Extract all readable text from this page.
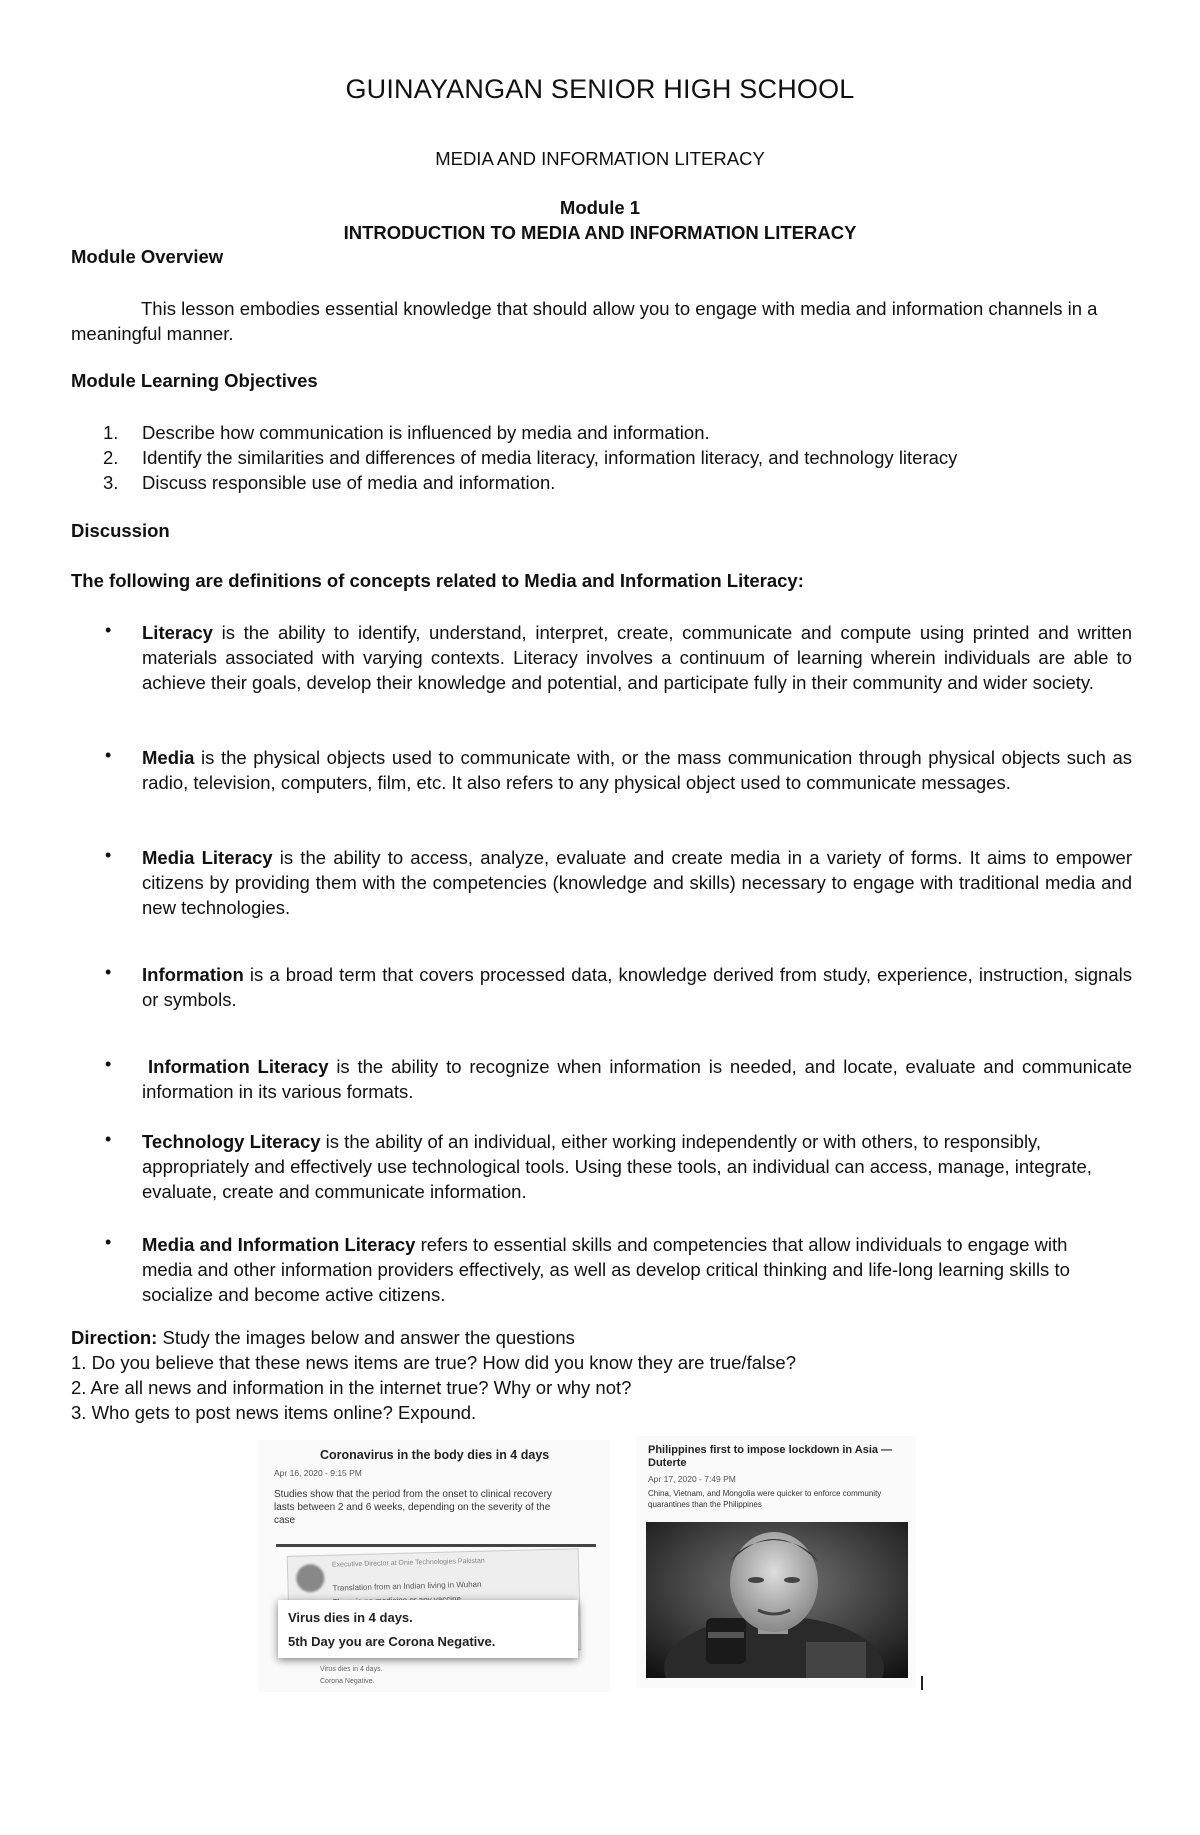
GUINAYANGAN SENIOR HIGH SCHOOL
MEDIA AND INFORMATION LITERACY
Module 1
INTRODUCTION TO MEDIA AND INFORMATION LITERACY
Module Overview
This lesson embodies essential knowledge that should allow you to engage with media and information channels in a meaningful manner.
Module Learning Objectives
1.	Describe how communication is influenced by media and information.
2.	Identify the similarities and differences of media literacy, information literacy, and technology literacy
3.	Discuss responsible use of media and information.
Discussion
The following are definitions of concepts related to Media and Information Literacy:
•	Literacy is the ability to identify, understand, interpret, create, communicate and compute using printed and written materials associated with varying contexts. Literacy involves a continuum of learning wherein individuals are able to achieve their goals, develop their knowledge and potential, and participate fully in their community and wider society.
•	Media is the physical objects used to communicate with, or the mass communication through physical objects such as radio, television, computers, film, etc. It also refers to any physical object used to communicate messages.
•	Media Literacy is the ability to access, analyze, evaluate and create media in a variety of forms. It aims to empower citizens by providing them with the competencies (knowledge and skills) necessary to engage with traditional media and new technologies.
•	Information is a broad term that covers processed data, knowledge derived from study, experience, instruction, signals or symbols.
•	Information Literacy is the ability to recognize when information is needed, and locate, evaluate and communicate information in its various formats.
•	Technology Literacy is the ability of an individual, either working independently or with others, to responsibly, appropriately and effectively use technological tools. Using these tools, an individual can access, manage, integrate, evaluate, create and communicate information.
•	Media and Information Literacy refers to essential skills and competencies that allow individuals to engage with media and other information providers effectively, as well as develop critical thinking and life-long learning skills to socialize and become active citizens.
Direction: Study the images below and answer the questions
1. Do you believe that these news items are true? How did you know they are true/false?
2. Are all news and information in the internet true? Why or why not?
3. Who gets to post news items online? Expound.
Coronavirus in the body dies in 4 days
Apr 16, 2020 - 9:15 PM
Studies show that the period from the onset to clinical recovery lasts between 2 and 6 weeks, depending on the severity of the case
Executive Director at Onie Technologies Pakistan
Translation from an Indian living in Wuhan
Virus dies in 4 days.
5th Day you are Corona Negative.
Virus dies in 4 days.
Corona Negative.
Philippines first to impose lockdown in Asia — Duterte
Apr 17, 2020 - 7:49 PM
China, Vietnam, and Mongolia were quicker to enforce community quarantines than the Philippines
